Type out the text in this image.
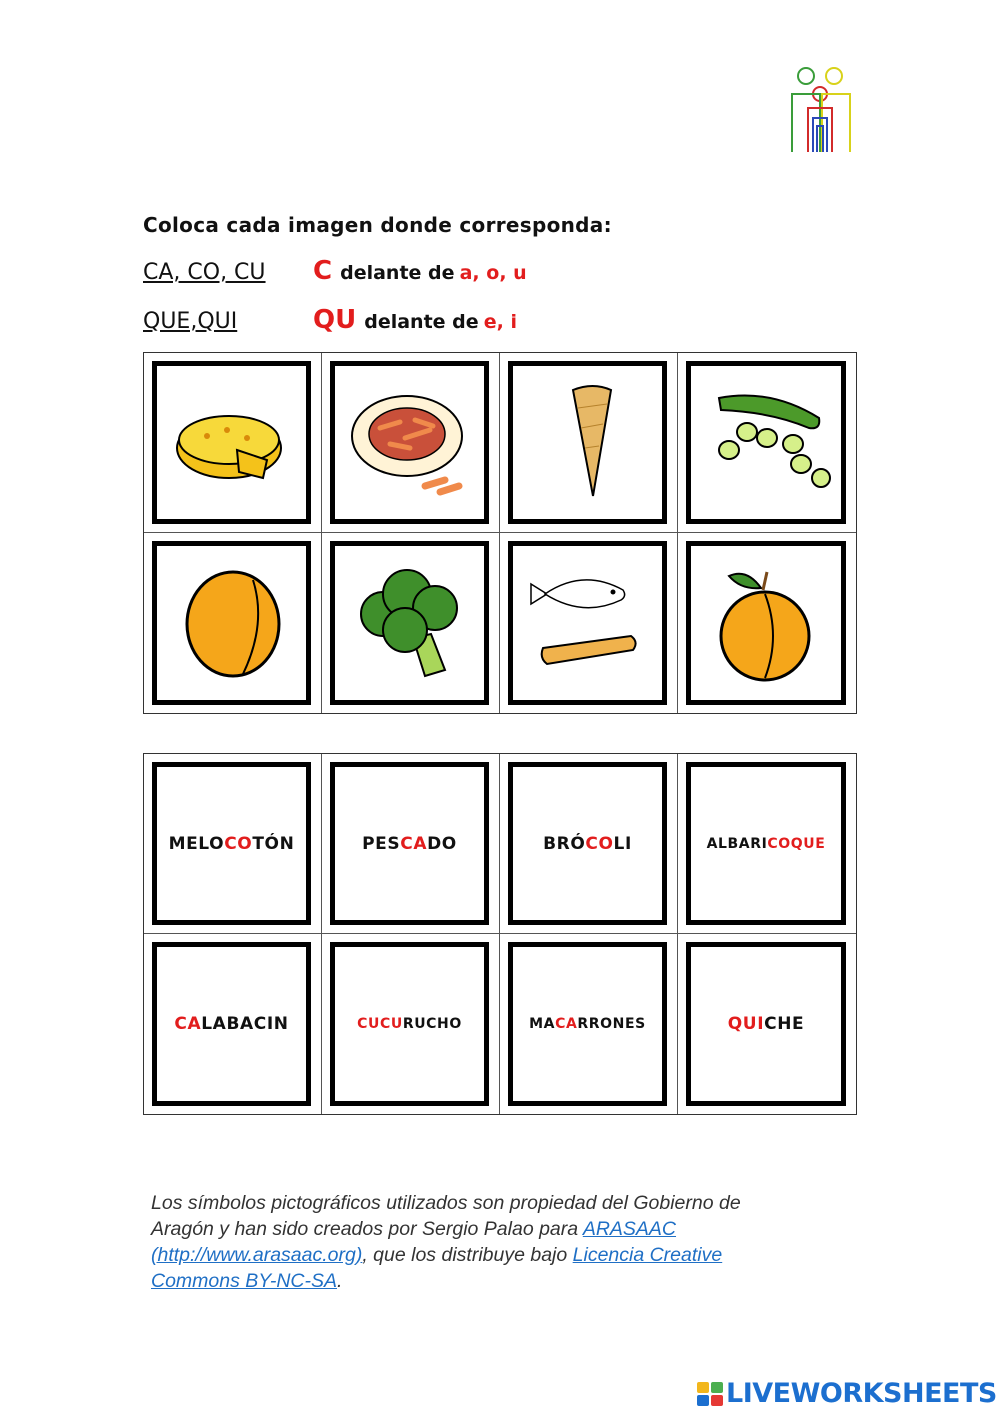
Coloca cada imagen donde corresponda:
CA, CO, CU	C delante de
a, o, u
QUE,QUI	QU delante de
e, i
MELOCOTÓN	PESCADO	BRÓCOLI	ALBARICOQUE
CALABACIN	CUCURUCHO	MACARRONES	QUICHE
Los símbolos pictográficos utilizados son propiedad del Gobierno de Aragón y han sido creados por Sergio Palao para ARASAAC (http://www.arasaac.org), que los distribuye bajo Licencia Creative Commons BY-NC-SA.
LIVEWORKSHEETS
